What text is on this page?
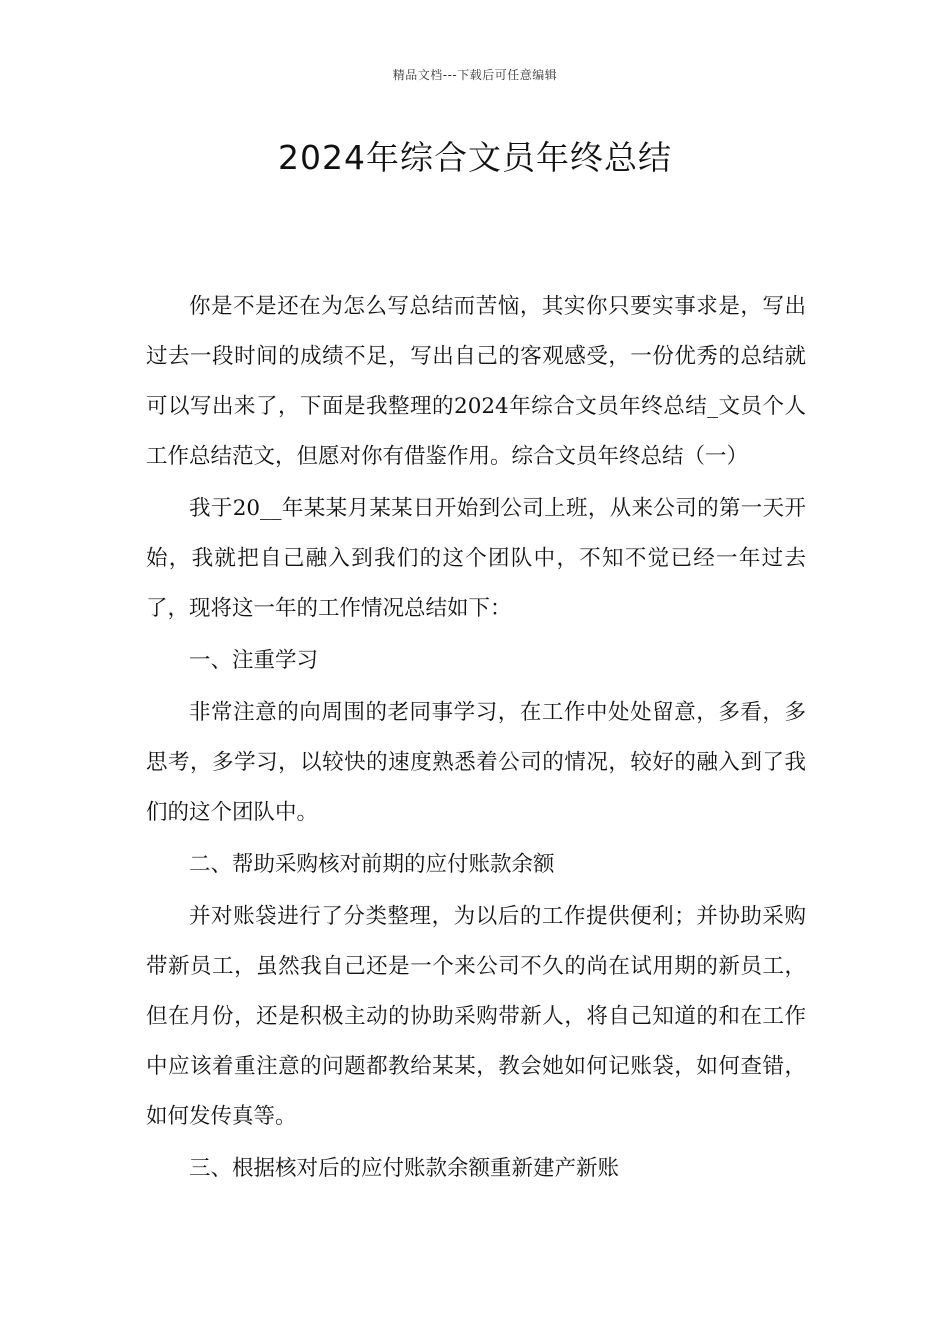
精品文档---下载后可任意编辑
2024年综合文员年终总结

你是不是还在为怎么写总结而苦恼，其实你只要实事求是，写出过去一段时间的成绩不足，写出自己的客观感受，一份优秀的总结就可以写出来了，下面是我整理的2024年综合文员年终总结_文员个人工作总结范文，但愿对你有借鉴作用。综合文员年终总结（一）

我于20__年某某月某某日开始到公司上班，从来公司的第一天开始，我就把自己融入到我们的这个团队中，不知不觉已经一年过去了，现将这一年的工作情况总结如下：

一、注重学习

非常注意的向周围的老同事学习，在工作中处处留意，多看，多思考，多学习，以较快的速度熟悉着公司的情况，较好的融入到了我们的这个团队中。

二、帮助采购核对前期的应付账款余额

并对账袋进行了分类整理，为以后的工作提供便利；并协助采购带新员工，虽然我自己还是一个来公司不久的尚在试用期的新员工，但在月份，还是积极主动的协助采购带新人，将自己知道的和在工作中应该着重注意的问题都教给某某，教会她如何记账袋，如何查错，如何发传真等。

三、根据核对后的应付账款余额重新建产新账
